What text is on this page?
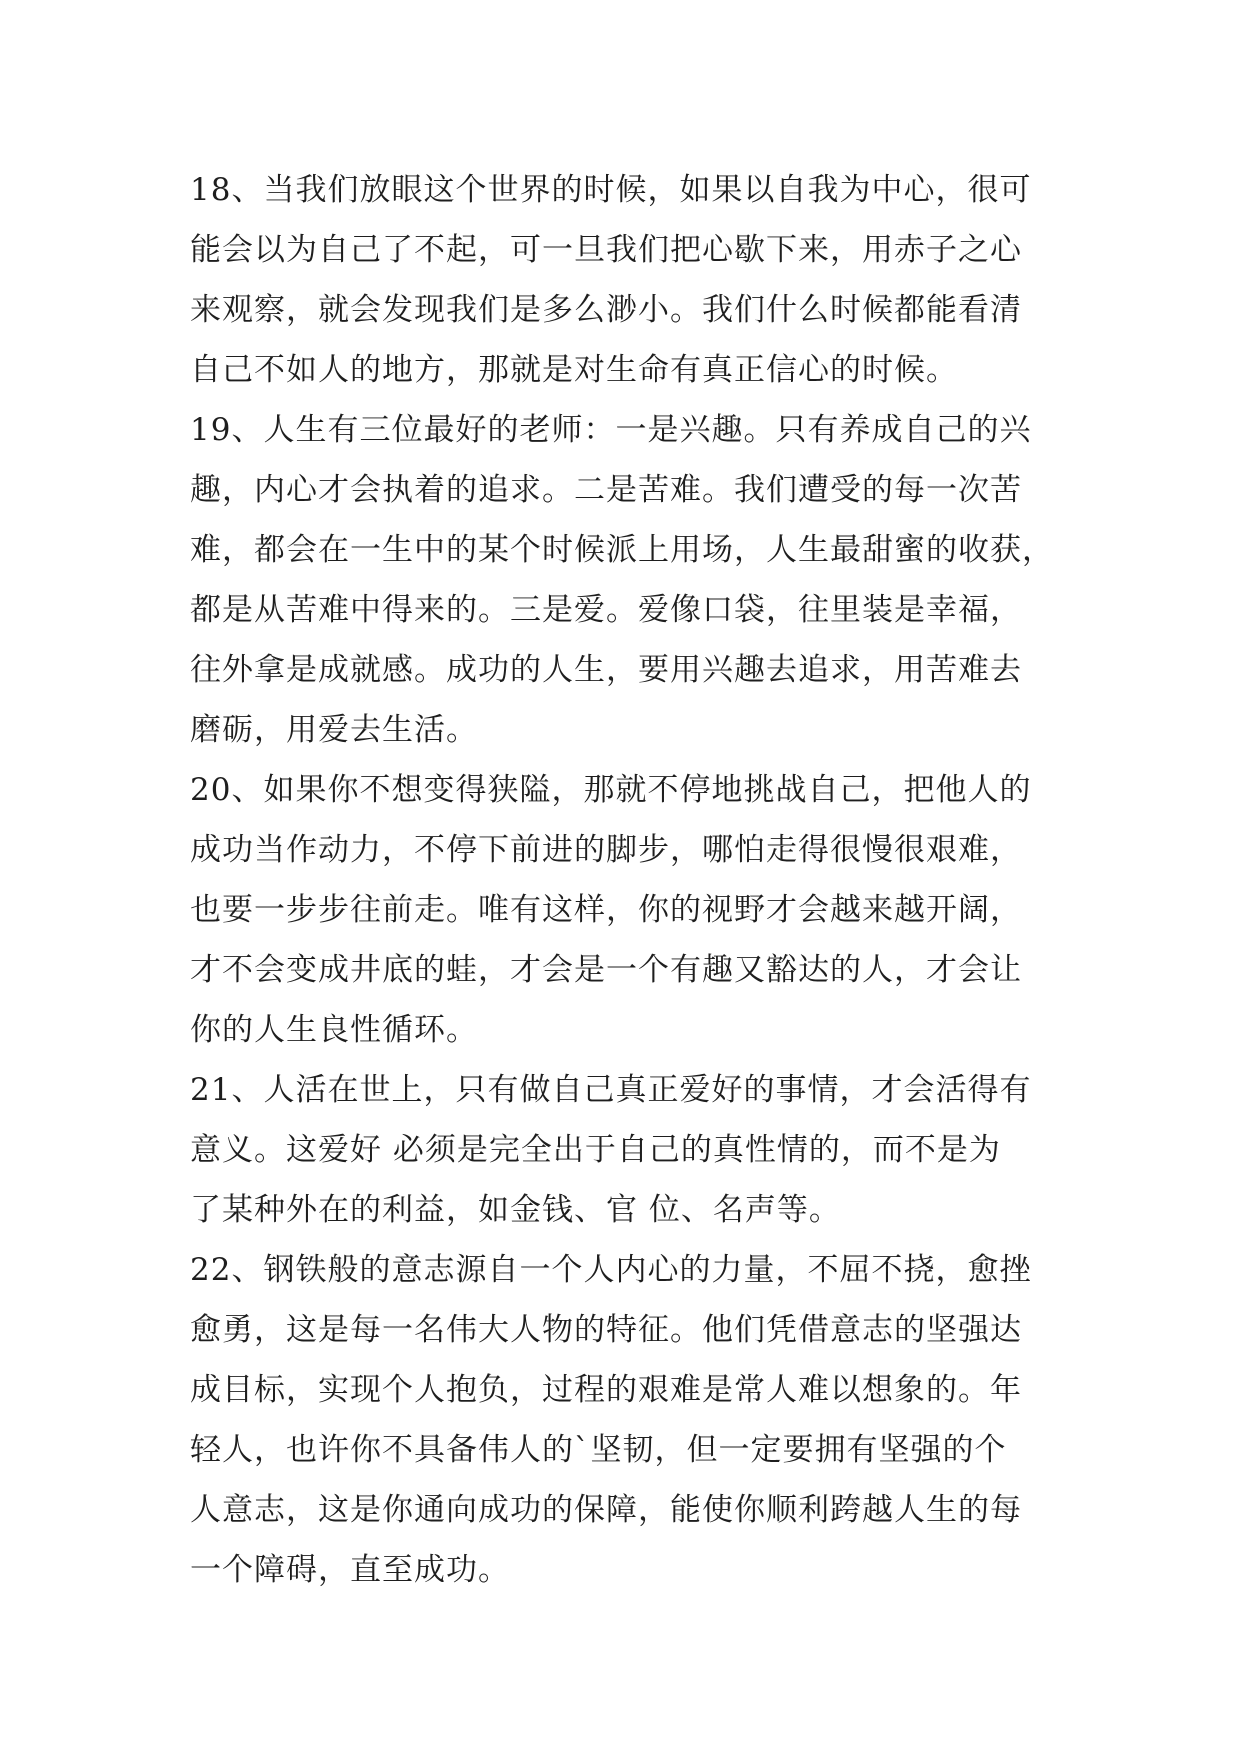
18、当我们放眼这个世界的时候，如果以自我为中心，很可
能会以为自己了不起，可一旦我们把心歇下来，用赤子之心
来观察，就会发现我们是多么渺小。我们什么时候都能看清
自己不如人的地方，那就是对生命有真正信心的时候。
19、人生有三位最好的老师：一是兴趣。只有养成自己的兴
趣，内心才会执着的追求。二是苦难。我们遭受的每一次苦
难，都会在一生中的某个时候派上用场，人生最甜蜜的收获，
都是从苦难中得来的。三是爱。爱像口袋，往里装是幸福，
往外拿是成就感。成功的人生，要用兴趣去追求，用苦难去
磨砺，用爱去生活。
20、如果你不想变得狭隘，那就不停地挑战自己，把他人的
成功当作动力，不停下前进的脚步，哪怕走得很慢很艰难，
也要一步步往前走。唯有这样，你的视野才会越来越开阔，
才不会变成井底的蛙，才会是一个有趣又豁达的人，才会让
你的人生良性循环。
21、人活在世上，只有做自己真正爱好的事情，才会活得有
意义。这爱好 必须是完全出于自己的真性情的，而不是为
了某种外在的利益，如金钱、官 位、名声等。
22、钢铁般的意志源自一个人内心的力量，不屈不挠，愈挫
愈勇，这是每一名伟大人物的特征。他们凭借意志的坚强达
成目标，实现个人抱负，过程的艰难是常人难以想象的。年
轻人，也许你不具备伟人的`坚韧，但一定要拥有坚强的个
人意志，这是你通向成功的保障，能使你顺利跨越人生的每
一个障碍，直至成功。
